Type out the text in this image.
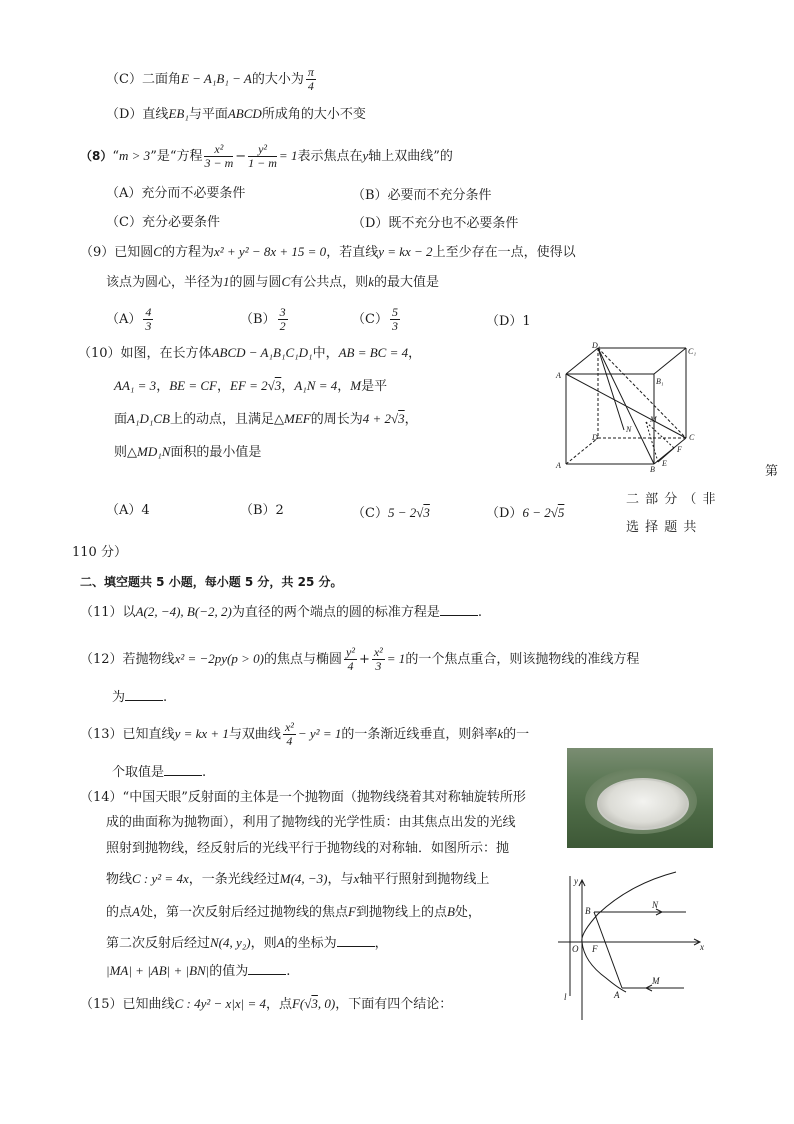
（C）二面角E − A₁B₁ − A的大小为 $\frac{\pi}{4}$
（D）直线EB₁与平面ABCD所成角的大小不变
（8）“m > 3”是“方程 $\frac{\text{x²}}{3 - m} - \frac{\text{y²}}{1 - m} = 1$表示焦点在y轴上双曲线”的
（A）充分而不必要条件	（B）必要而不充分条件
（C）充分必要条件	（D）既不充分也不必要条件
（9）已知圆C的方程为x² + y² − 8x + 15 = 0，若直线y = kx − 2上至少存在一点，使得以
该点为圆心，半径为1的圆与圆C有公共点，则k的最大值是
$(A) \frac{4}{3}$	$(B) \frac{3}{2}$	$(C) \frac{5}{3}$	（D）1
（10）如图，在长方体ABCD − A₁B₁C₁D₁中，AB = BC = 4，
AA₁ = 3，BE = CF，EF = 2√3，A₁N = 4，M是平
面A₁D₁CB上的动点，且满足△MEF的周长为4 + 2√3，
则△MD₁N面积的最小值是
（A）4	（B）2	（C）5 − 2√3	（D）6 − 2√5
D₁
C₁
A
B₁
M
N
D	C
F
E
B
A	第
二 部 分 （ 非
选 择 题 共
110 分）
二、填空题共 5 小题，每小题 5 分，共 25 分。
（11）以A(2, −4), B(−2, 2)为直径的两个端点的圆的标准方程是	.
（12）若抛物线x² = −2py(p > 0)的焦点与椭圆 $\frac{\text{y²}}{4} + \frac{\text{x²}}{3} = 1$的一个焦点重合，则该抛物线的准线方程
为	.
（13）已知直线y = kx + 1与双曲线 $\frac{\text{x²}}{4} - y^2 = 1$的一条渐近线垂直，则斜率k的一
个取值是	.
（14）“中国天眼”反射面的主体是一个抛物面（抛物线绕着其对称轴旋转所形
成的曲面称为抛物面），利用了抛物线的光学性质：由其焦点出发的光线
照射到抛物线，经反射后的光线平行于抛物线的对称轴．如图所示：抛
物线C : y² = 4x，一条光线经过M(4, −3)，与x轴平行照射到抛物线上
的点A处，第一次反射后经过抛物线的焦点F到抛物线上的点B处，
第二次反射后经过N(4, y₂)，则A的坐标为	，
|MA| + |AB| + |BN|的值为	.
y
x
B
N
O F
l	A
M
（15）已知曲线C : 4y² − x|x| = 4，点F(√3, 0)，下面有四个结论：
